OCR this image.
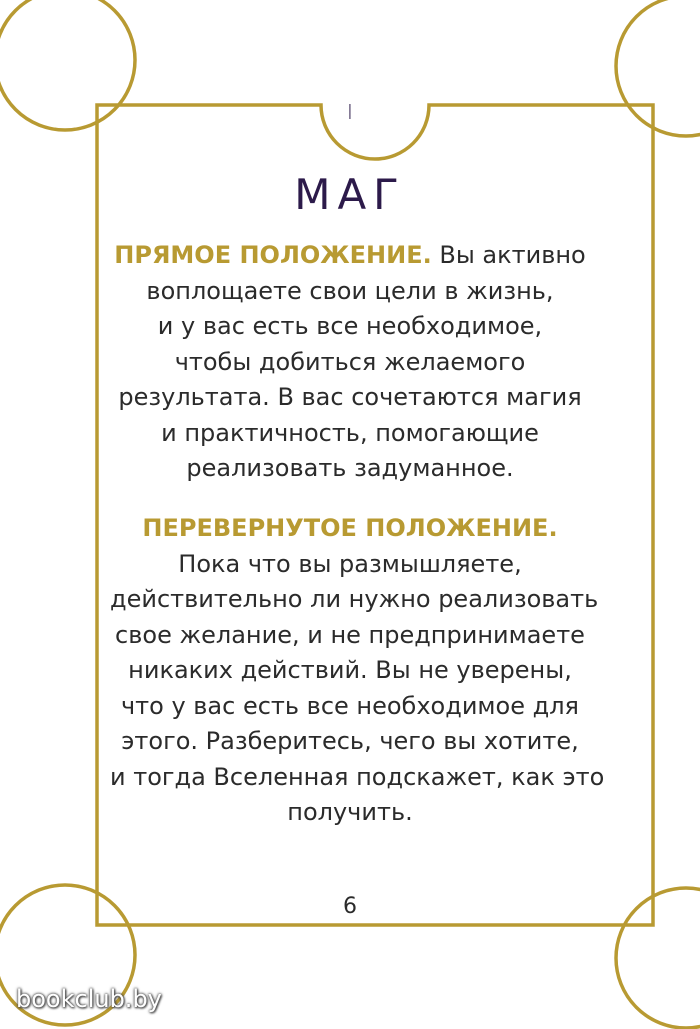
I
МАГ
ПРЯМОЕ ПОЛОЖЕНИЕ. Вы активно
воплощаете свои цели в жизнь,
и у вас есть все необходимое,
чтобы добиться желаемого
результата. В вас сочетаются магия
и практичность, помогающие
реализовать задуманное.
ПЕРЕВЕРНУТОЕ ПОЛОЖЕНИЕ.
Пока что вы размышляете,
действительно ли нужно реализовать
свое желание, и не предпринимаете
никаких действий. Вы не уверены,
что у вас есть все необходимое для
этого. Разберитесь, чего вы хотите,
и тогда Вселенная подскажет, как это
получить.
6
bookclub.by
